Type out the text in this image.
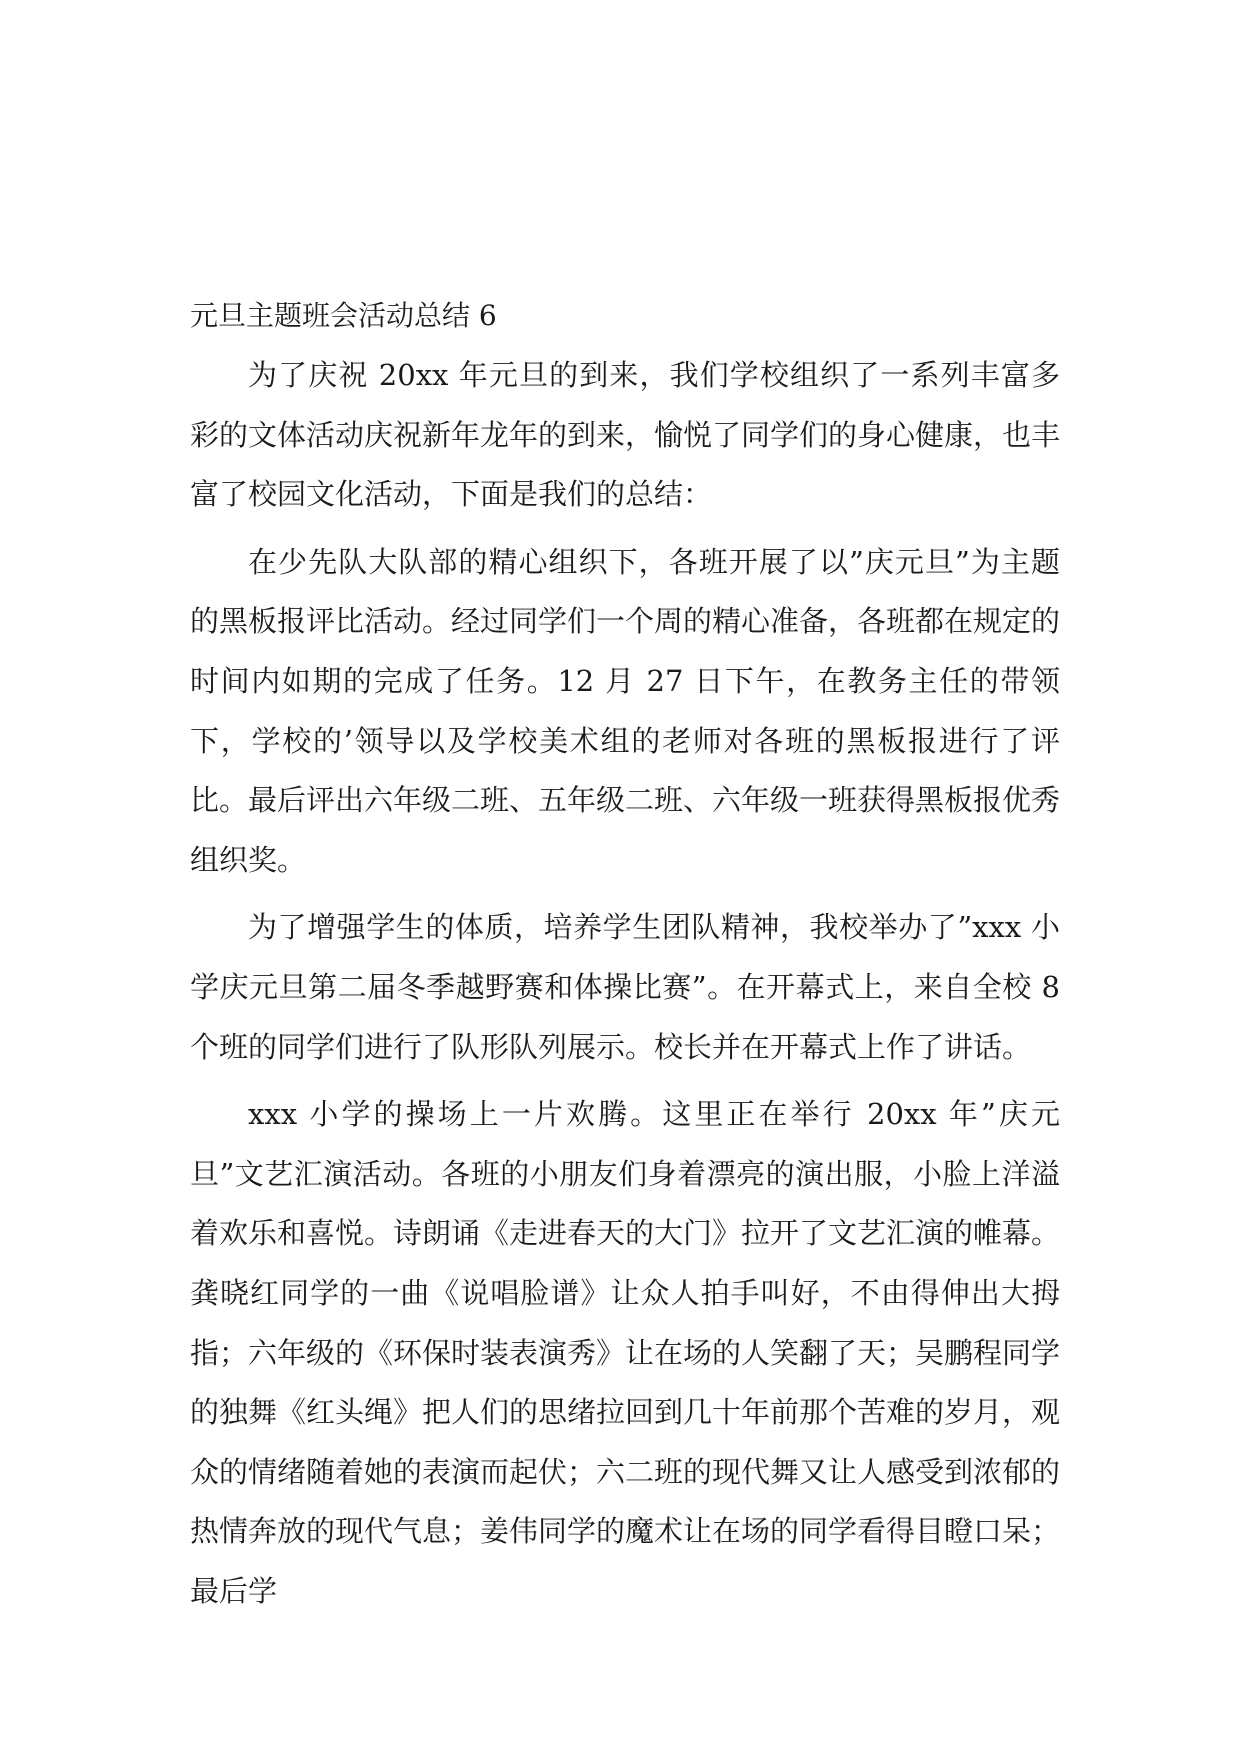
元旦主题班会活动总结 6

为了庆祝 20xx 年元旦的到来，我们学校组织了一系列丰富多彩的文体活动庆祝新年龙年的到来，愉悦了同学们的身心健康，也丰富了校园文化活动，下面是我们的总结：

在少先队大队部的精心组织下，各班开展了以”庆元旦”为主题的黑板报评比活动。经过同学们一个周的精心准备，各班都在规定的时间内如期的完成了任务。12 月 27 日下午，在教务主任的带领下，学校的’领导以及学校美术组的老师对各班的黑板报进行了评比。最后评出六年级二班、五年级二班、六年级一班获得黑板报优秀组织奖。

为了增强学生的体质，培养学生团队精神，我校举办了”xxx 小学庆元旦第二届冬季越野赛和体操比赛”。在开幕式上，来自全校 8 个班的同学们进行了队形队列展示。校长并在开幕式上作了讲话。

xxx 小学的操场上一片欢腾。这里正在举行 20xx 年”庆元旦”文艺汇演活动。各班的小朋友们身着漂亮的演出服，小脸上洋溢着欢乐和喜悦。诗朗诵《走进春天的大门》拉开了文艺汇演的帷幕。龚晓红同学的一曲《说唱脸谱》让众人拍手叫好，不由得伸出大拇指；六年级的《环保时装表演秀》让在场的人笑翻了天；吴鹏程同学的独舞《红头绳》把人们的思绪拉回到几十年前那个苦难的岁月，观众的情绪随着她的表演而起伏；六二班的现代舞又让人感受到浓郁的热情奔放的现代气息；姜伟同学的魔术让在场的同学看得目瞪口呆；最后学
